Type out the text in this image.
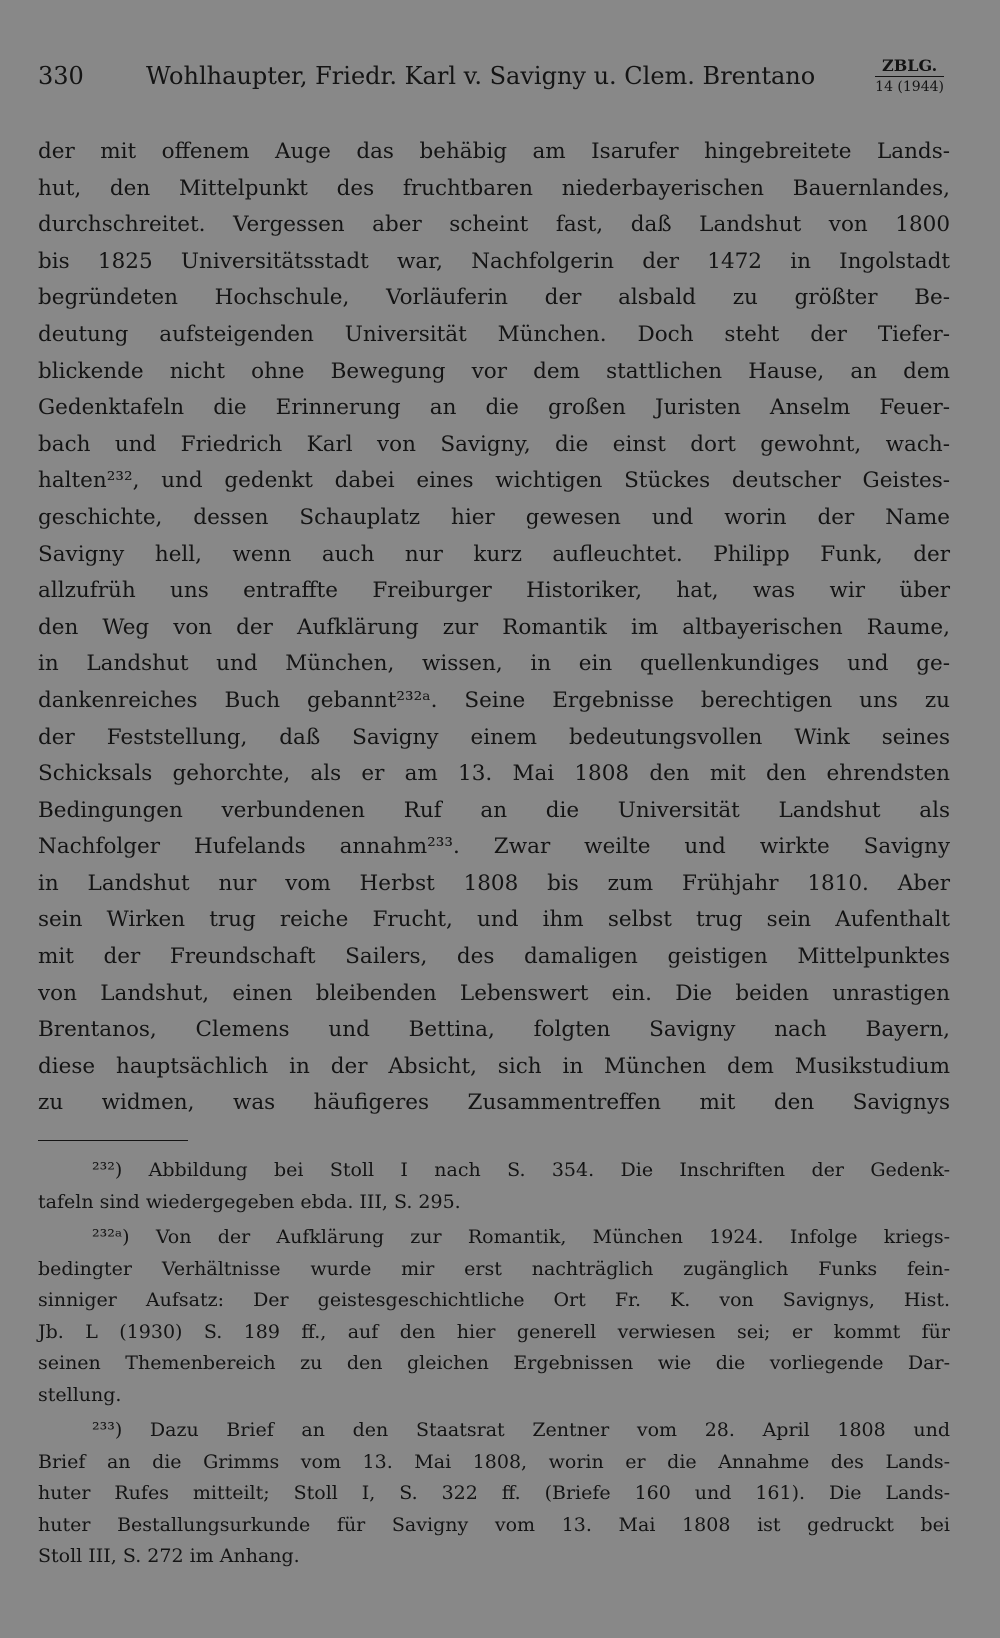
330	Wohlhaupter, Friedr. Karl v. Savigny u. Clem. Brentano	ZBLG.
14 (1944)
der mit offenem Auge das behäbig am Isarufer hingebreitete Lands-
hut, den Mittelpunkt des fruchtbaren niederbayerischen Bauernlandes,
durchschreitet. Vergessen aber scheint fast, daß Landshut von 1800
bis 1825 Universitätsstadt war, Nachfolgerin der 1472 in Ingolstadt
begründeten Hochschule, Vorläuferin der alsbald zu größter Be-
deutung aufsteigenden Universität München. Doch steht der Tiefer-
blickende nicht ohne Bewegung vor dem stattlichen Hause, an dem
Gedenktafeln die Erinnerung an die großen Juristen Anselm Feuer-
bach und Friedrich Karl von Savigny, die einst dort gewohnt, wach-
halten²³², und gedenkt dabei eines wichtigen Stückes deutscher Geistes-
geschichte, dessen Schauplatz hier gewesen und worin der Name
Savigny hell, wenn auch nur kurz aufleuchtet. Philipp Funk, der
allzufrüh uns entraffte Freiburger Historiker, hat, was wir über
den Weg von der Aufklärung zur Romantik im altbayerischen Raume,
in Landshut und München, wissen, in ein quellenkundiges und ge-
dankenreiches Buch gebannt²³²ᵃ. Seine Ergebnisse berechtigen uns zu
der Feststellung, daß Savigny einem bedeutungsvollen Wink seines
Schicksals gehorchte, als er am 13. Mai 1808 den mit den ehrendsten
Bedingungen verbundenen Ruf an die Universität Landshut als
Nachfolger Hufelands annahm²³³. Zwar weilte und wirkte Savigny
in Landshut nur vom Herbst 1808 bis zum Frühjahr 1810. Aber
sein Wirken trug reiche Frucht, und ihm selbst trug sein Aufenthalt
mit der Freundschaft Sailers, des damaligen geistigen Mittelpunktes
von Landshut, einen bleibenden Lebenswert ein. Die beiden unrastigen
Brentanos, Clemens und Bettina, folgten Savigny nach Bayern,
diese hauptsächlich in der Absicht, sich in München dem Musikstudium
zu widmen, was häufigeres Zusammentreffen mit den Savignys
²³²) Abbildung bei Stoll I nach S. 354. Die Inschriften der Gedenk-
tafeln sind wiedergegeben ebda. III, S. 295.
²³²ᵃ) Von der Aufklärung zur Romantik, München 1924. Infolge kriegs-
bedingter Verhältnisse wurde mir erst nachträglich zugänglich Funks fein-
sinniger Aufsatz: Der geistesgeschichtliche Ort Fr. K. von Savignys, Hist.
Jb. L (1930) S. 189 ff., auf den hier generell verwiesen sei; er kommt für
seinen Themenbereich zu den gleichen Ergebnissen wie die vorliegende Dar-
stellung.
²³³) Dazu Brief an den Staatsrat Zentner vom 28. April 1808 und
Brief an die Grimms vom 13. Mai 1808, worin er die Annahme des Lands-
huter Rufes mitteilt; Stoll I, S. 322 ff. (Briefe 160 und 161). Die Lands-
huter Bestallungsurkunde für Savigny vom 13. Mai 1808 ist gedruckt bei
Stoll III, S. 272 im Anhang.
